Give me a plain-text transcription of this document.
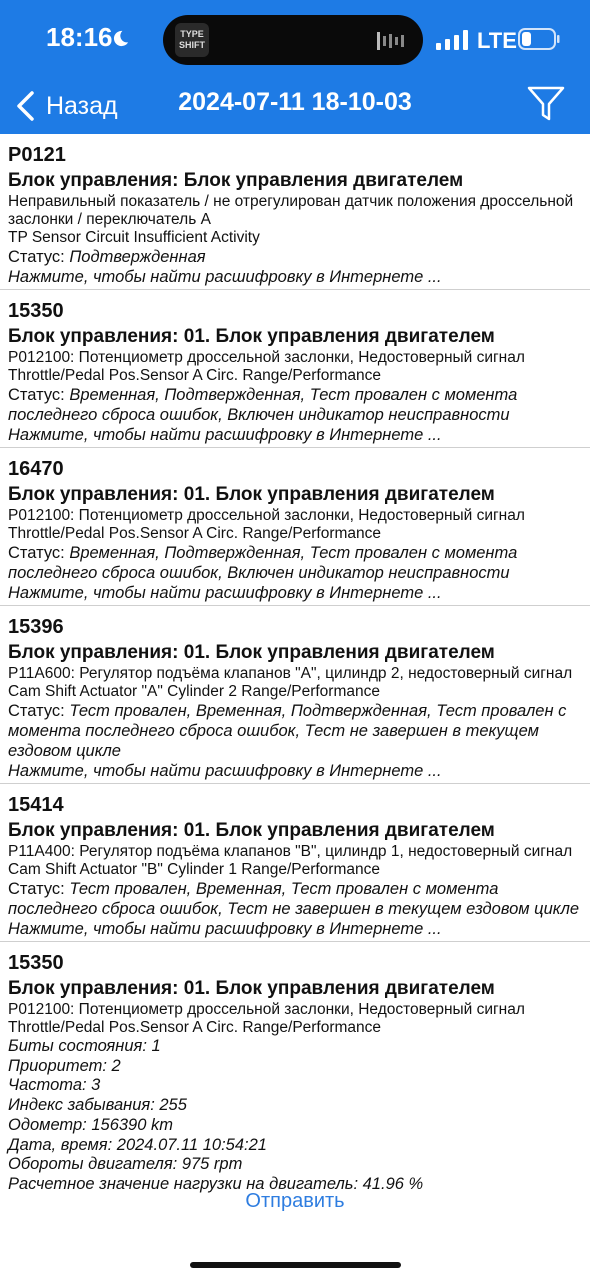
18:16	TYPE SHIFT	LTE
Назад	2024-07-11 18-10-03
P0121
Блок управления: Блок управления двигателем
Неправильный показатель / не отрегулирован датчик положения дроссельной заслонки / переключатель A
TP Sensor Circuit Insufficient Activity
Статус: Подтвержденная
Нажмите, чтобы найти расшифровку в Интернете ...
15350
Блок управления: 01. Блок управления двигателем
P012100: Потенциометр дроссельной заслонки, Недостоверный сигнал
Throttle/Pedal Pos.Sensor A Circ. Range/Performance
Статус: Временная, Подтвержденная, Тест провален с момента последнего сброса ошибок, Включен индикатор неисправности
Нажмите, чтобы найти расшифровку в Интернете ...
16470
Блок управления: 01. Блок управления двигателем
P012100: Потенциометр дроссельной заслонки, Недостоверный сигнал
Throttle/Pedal Pos.Sensor A Circ. Range/Performance
Статус: Временная, Подтвержденная, Тест провален с момента последнего сброса ошибок, Включен индикатор неисправности
Нажмите, чтобы найти расшифровку в Интернете ...
15396
Блок управления: 01. Блок управления двигателем
P11A600: Регулятор подъёма клапанов "A", цилиндр 2, недостоверный сигнал
Cam Shift Actuator "A" Cylinder 2 Range/Performance
Статус: Тест провален, Временная, Подтвержденная, Тест провален с момента последнего сброса ошибок, Тест не завершен в текущем ездовом цикле
Нажмите, чтобы найти расшифровку в Интернете ...
15414
Блок управления: 01. Блок управления двигателем
P11A400: Регулятор подъёма клапанов "B", цилиндр 1, недостоверный сигнал
Cam Shift Actuator "B" Cylinder 1 Range/Performance
Статус: Тест провален, Временная, Тест провален с момента последнего сброса ошибок, Тест не завершен в текущем ездовом цикле
Нажмите, чтобы найти расшифровку в Интернете ...
15350
Блок управления: 01. Блок управления двигателем
P012100: Потенциометр дроссельной заслонки, Недостоверный сигнал
Throttle/Pedal Pos.Sensor A Circ. Range/Performance
Биты состояния: 1
Приоритет: 2
Частота: 3
Индекс забывания: 255
Одометр: 156390 km
Дата, время: 2024.07.11 10:54:21
Обороты двигателя: 975 rpm
Расчетное значение нагрузки на двигатель: 41.96 %
Отправить
